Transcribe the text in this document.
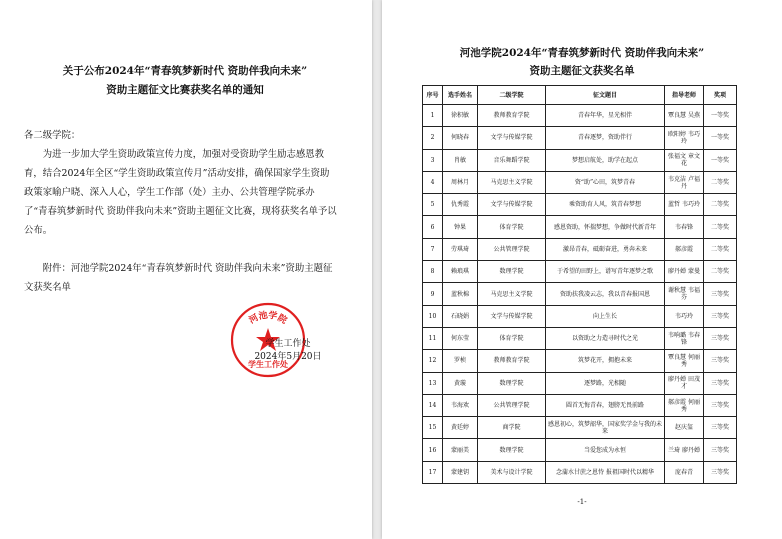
关于公布2024年“青春筑梦新时代 资助伴我向未来”
资助主题征文比赛获奖名单的通知

各二级学院：

为进一步加大学生资助政策宣传力度，加强对受资助学生励志感恩教育，结合2024年全区“学生资助政策宣传月”活动安排，确保国家学生资助政策家喻户晓、深入人心，学生工作部（处）主办、公共管理学院承办了“青春筑梦新时代 资助伴我向未来”资助主题征文比赛，现将获奖名单予以公布。

附件：河池学院2024年“青春筑梦新时代 资助伴我向未来”资助主题征文获奖名单

河池学院
学生工作处
学生工作处
2024年5月20日
河池学院2024年“青春筑梦新时代 资助伴我向未来”
资助主题征文获奖名单
序号	选手姓名	二级学院	征文题目	指导老师	奖项
1	徐积敏	教师教育学院	青春年华，星光相伴	覃良慧 吴燕	一等奖
2	何晓春	文学与传媒学院	青春逐梦，资助伴行	欧阳婷 韦巧玲	一等奖
3	肖敏	音乐舞蹈学院	梦想启航处，助学在起点	张福文 章文花	一等奖
4	周林月	马克思主义学院	资“助”心田，筑梦青春	韦克洁 卢福丹	二等奖
5	仇秀霞	文学与传媒学院	乘资助育人风，筑青春梦想	蓝哲 韦巧玲	二等奖
6	钟果	体育学院	感恩资助，怀揣梦想，争做时代新青年	韦春锋	二等奖
7	劳琪琦	公共管理学院	激昂青春，砥砺奋进，勇奔未来	郝彦霞	二等奖
8	赖琅琪	数理学院	于希望的田野上，谱写青年逐梦之歌	廖丹婵 蒙曼	二等奖
9	蓝秋棉	马克思主义学院	资助扶我凌云志，我以青春报国恩	谢秋慧 韦福芬	三等奖
10	石晓娟	文学与传媒学院	向上生长	韦巧玲	三等奖
11	何东莹	体育学院	以资助之力造寻时代之光	韦响璐 韦春锋	三等奖
12	罗桢	教师教育学院	筑梦花开，拥抱未来	覃良慧 何丽秀	三等奖
13	黄璇	数理学院	逐梦路，光相随	廖丹婵 田茂才	三等奖
14	韦海欢	公共管理学院	圆首无悔青春，翅膀无畏前路	郝彦霞 何丽秀	三等奖
15	黄廷婷	商学院	感恩初心，筑梦韶华，国家奖学金与我的未来	赵庆玺	三等奖
16	蒙丽美	数理学院	当爱您成为永恒	兰琦 廖丹婵	三等奖
17	蒙建钥	美术与设计学院	念蒲水甘蔗之恩恃 报祖国时代以精华	庞春青	三等奖
-1-
